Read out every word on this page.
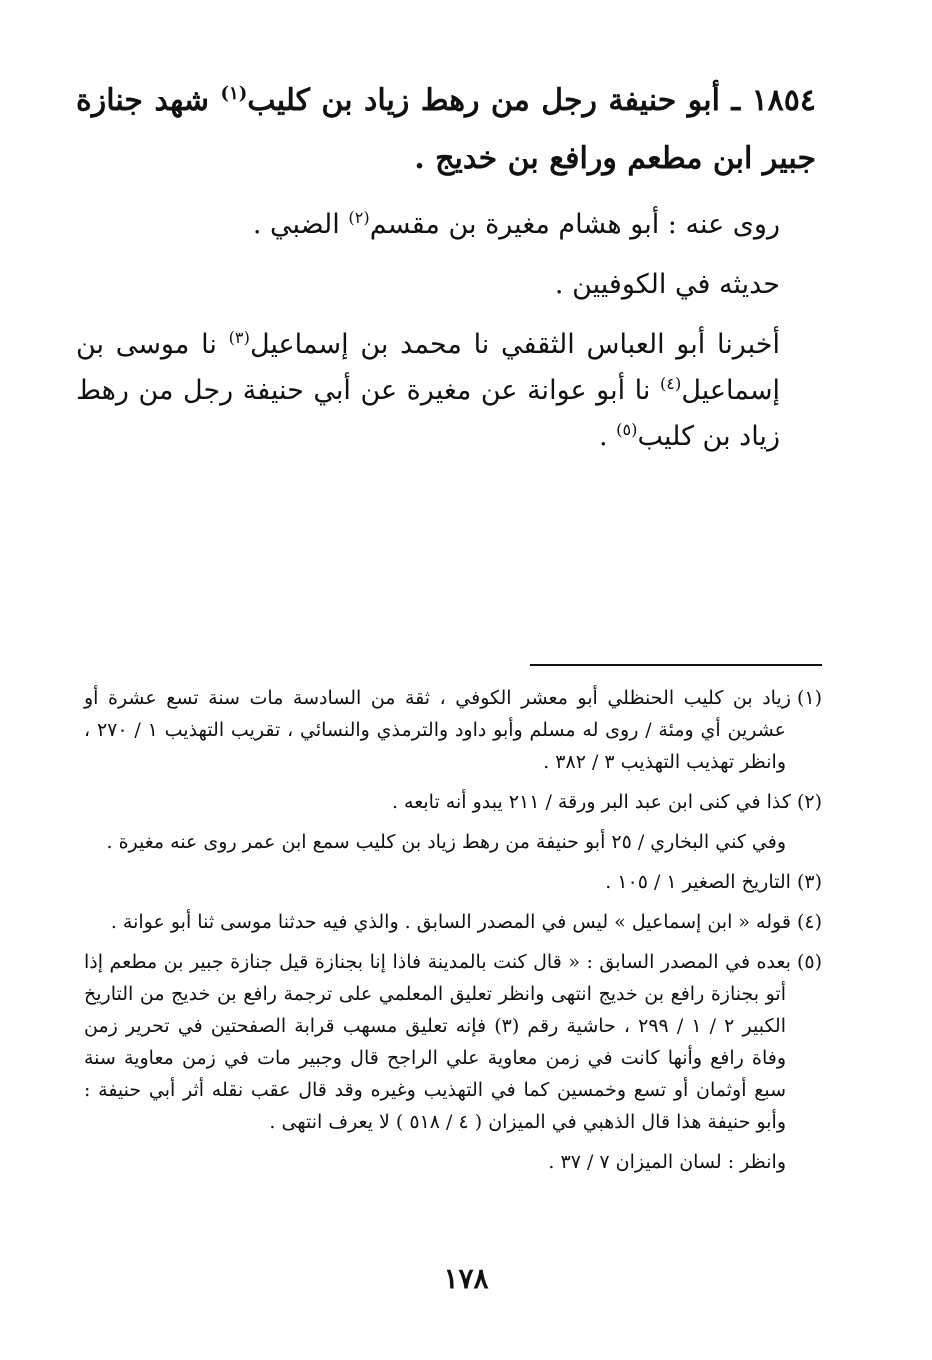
١٨٥٤ ـ أبو حنيفة رجل من رهط زياد بن كليب$^{(١)}$ شهد جنازة جبير ابن مطعم ورافع بن خديج .

روى عنه : أبو هشام مغيرة بن مقسم$^{(٢)}$ الضبي .

حديثه في الكوفيين .

أخبرنا أبو العباس الثقفي نا محمد بن إسماعيل$^{(٣)}$ نا موسى بن إسماعيل$^{(٤)}$ نا أبو عوانة عن مغيرة عن أبي حنيفة رجل من رهط زياد بن كليب$^{(٥)}$ .

(١)زياد بن كليب الحنظلي أبو معشر الكوفي ، ثقة من السادسة مات سنة تسع عشرة أو عشرين أي ومئة / روى له مسلم وأبو داود والترمذي والنسائي ، تقريب التهذيب ١ / ٢٧٠ ، وانظر تهذيب التهذيب ٣ / ٣٨٢ .

(٢)كذا في كنى ابن عبد البر ورقة / ٢١١ يبدو أنه تابعه .

وفي كني البخاري / ٢٥ أبو حنيفة من رهط زياد بن كليب سمع ابن عمر روى عنه مغيرة .

(٣)التاريخ الصغير ١ / ١٠٥ .

(٤)قوله « ابن إسماعيل » ليس في المصدر السابق . والذي فيه حدثنا موسى ثنا أبو عوانة .

(٥)بعده في المصدر السابق : « قال كنت بالمدينة فاذا إنا بجنازة قيل جنازة جبير بن مطعم إذا أتو بجنازة رافع بن خديج انتهى وانظر تعليق المعلمي على ترجمة رافع بن خديج من التاريخ الكبير ٢ / ١ / ٢٩٩ ، حاشية رقم (٣) فإنه تعليق مسهب قرابة الصفحتين في تحرير زمن وفاة رافع وأنها كانت في زمن معاوية علي الراجح قال وجبير مات في زمن معاوية سنة سبع أوثمان أو تسع وخمسين كما في التهذيب وغيره وقد قال عقب نقله أثر أبي حنيفة : وأبو حنيفة هذا قال الذهبي في الميزان ( ٤ / ٥١٨ ) لا يعرف انتهى .

وانظر : لسان الميزان ٧ / ٣٧ .

١٧٨
